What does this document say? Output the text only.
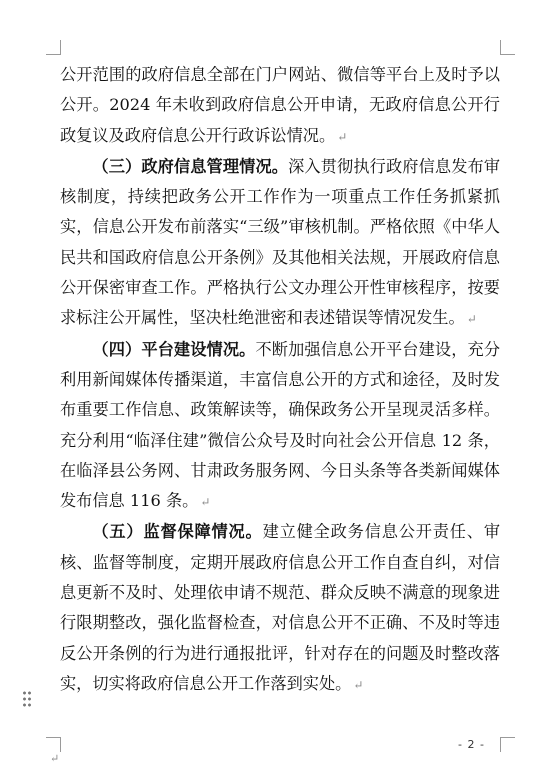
公开范围的政府信息全部在门户网站、微信等平台上及时予以公开。2024 年未收到政府信息公开申请，无政府信息公开行政复议及政府信息公开行政诉讼情况。 ↵

（三）政府信息管理情况。深入贯彻执行政府信息发布审核制度，持续把政务公开工作作为一项重点工作任务抓紧抓实，信息公开发布前落实“三级”审核机制。严格依照《中华人民共和国政府信息公开条例》及其他相关法规，开展政府信息公开保密审查工作。严格执行公文办理公开性审核程序，按要求标注公开属性，坚决杜绝泄密和表述错误等情况发生。 ↵

（四）平台建设情况。不断加强信息公开平台建设，充分利用新闻媒体传播渠道，丰富信息公开的方式和途径，及时发布重要工作信息、政策解读等，确保政务公开呈现灵活多样。充分利用“临泽住建”微信公众号及时向社会公开信息 12 条，在临泽县公务网、甘肃政务服务网、今日头条等各类新闻媒体发布信息 116 条。 ↵

（五）监督保障情况。建立健全政务信息公开责任、审核、监督等制度，定期开展政府信息公开工作自查自纠，对信息更新不及时、处理依申请不规范、群众反映不满意的现象进行限期整改，强化监督检查，对信息公开不正确、不及时等违反公开条例的行为进行通报批评，针对存在的问题及时整改落实，切实将政府信息公开工作落到实处。 ↵

- 2 -
↵
